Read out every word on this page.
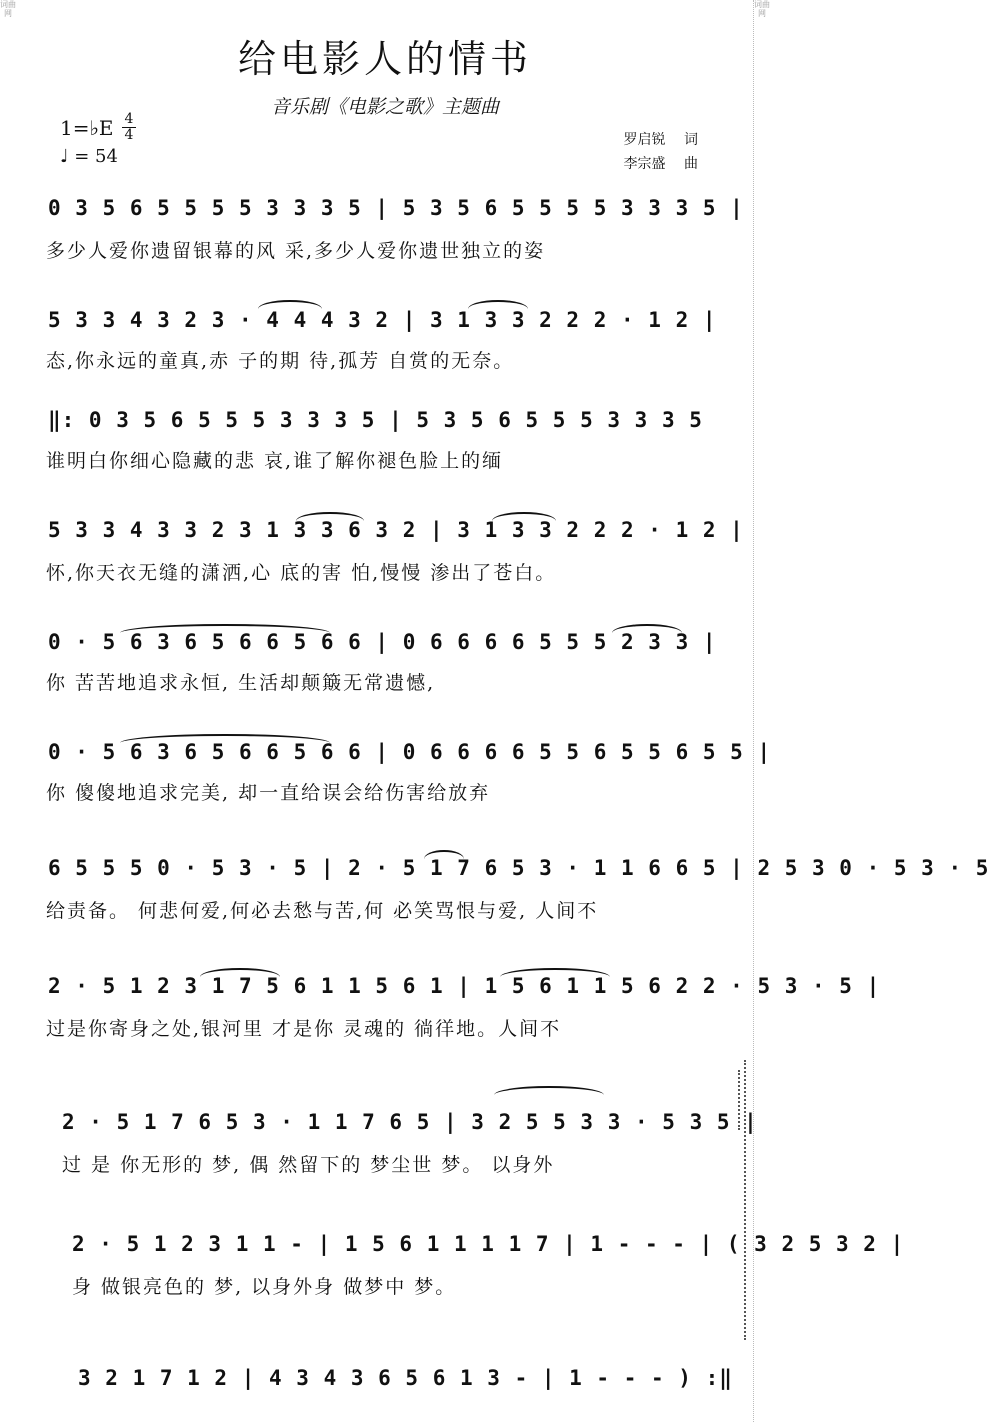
词曲网
词曲网
给电影人的情书
音乐剧《电影之歌》主题曲
1=♭E 4
4
♩ = 54
罗启锐 词
李宗盛 曲
0 3 5 6 5 5 5 5 3 3 3 5 | 5 3 5 6 5 5 5 5 3 3 3 5 |
多少人爱你遗留银幕的风 采,多少人爱你遗世独立的姿
5 3 3 4 3 2 3 · 4 4 4 3 2 | 3 1 3 3 2 2 2 · 1 2 |
态,你永远的童真,赤 子的期 待,孤芳 自赏的无奈。
‖: 0 3 5 6 5 5 5 3 3 3 5 | 5 3 5 6 5 5 5 3 3 3 5
谁明白你细心隐藏的悲 哀,谁了解你褪色脸上的缅
5 3 3 4 3 3 2 3 1 3 3 6 3 2 | 3 1 3 3 2 2 2 · 1 2 |
怀,你天衣无缝的潇洒,心 底的害 怕,慢慢 渗出了苍白。
0 · 5 6 3 6 5 6 6 5 6 6 | 0 6 6 6 6 5 5 5 2 3 3 |
你 苦苦地追求永恒, 生活却颠簸无常遗憾,
0 · 5 6 3 6 5 6 6 5 6 6 | 0 6 6 6 6 5 5 6 5 5 6 5 5 |
你 傻傻地追求完美, 却一直给误会给伤害给放弃
6 5 5 5 0 · 5 3 · 5 | 2 · 5 1 7 6 5 3 · 1 1 6 6 5 | 2 5 3 0 · 5 3 · 5
给责备。 何悲何爱,何必去愁与苦,何 必笑骂恨与爱, 人间不
2 · 5 1 2 3 1 7 5 6 1 1 5 6 1 | 1 5 6 1 1 5 6 2 2 · 5 3 · 5 |
过是你寄身之处,银河里 才是你 灵魂的 徜徉地。人间不
2 · 5 1 7 6 5 3 · 1 1 7 6 5 | 3 2 5 5 3 3 · 5 3 5 |
过 是 你无形的 梦, 偶 然留下的 梦尘世 梦。 以身外
2 · 5 1 2 3 1 1 - | 1 5 6 1 1 1 1 7 | 1 - - - | ( 3 2 5 3 2 |
身 做银亮色的 梦, 以身外身 做梦中 梦。
3 2 1 7 1 2 | 4 3 4 3 6 5 6 1 3 - | 1 - - - ) :‖
